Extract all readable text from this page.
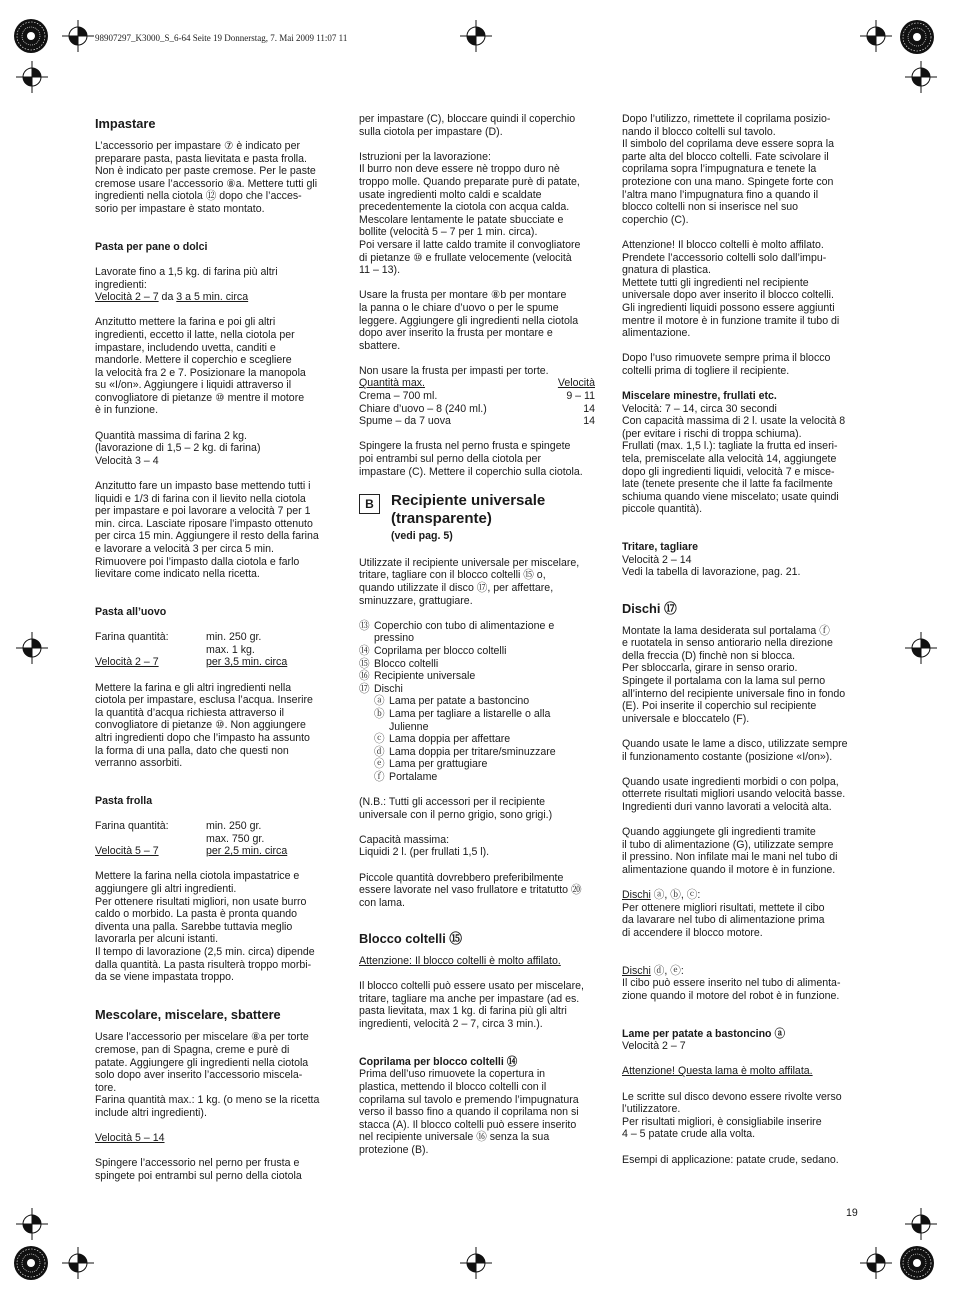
98907297_K3000_S_6-64 Seite 19 Donnerstag, 7. Mai 2009 11:07 11
Impastare

L’accessorio per impastare ⑦ è indicato per
preparare pasta, pasta lievitata e pasta frolla.
Non è indicato per paste cremose. Per le paste
cremose usare l’accessorio ⑧a. Mettere tutti gli
ingredienti nella ciotola ⑫ dopo che l’acces-
sorio per impastare è stato montato.

Pasta per pane o dolci

Lavorate fino a 1,5 kg. di farina più altri
ingredienti:

Velocità 2 – 7 da 3 a 5 min. circa

Anzitutto mettere la farina e poi gli altri
ingredienti, eccetto il latte, nella ciotola per
impastare, includendo uvetta, canditi e
mandorle. Mettere il coperchio e scegliere
la velocità fra 2 e 7. Posizionare la manopola
su «I/on». Aggiungere i liquidi attraverso il
convogliatore di pietanze ⑩ mentre il motore
è in funzione.

Quantità massima di farina 2 kg.
(lavorazione di 1,5 – 2 kg. di farina)
Velocità 3 – 4

Anzitutto fare un impasto base mettendo tutti i
liquidi e 1/3 di farina con il lievito nella ciotola
per impastare e poi lavorare a velocità 7 per 1
min. circa. Lasciate riposare l’impasto ottenuto
per circa 15 min. Aggiungere il resto della farina
e lavorare a velocità 3 per circa 5 min.
Rimuovere poi l’impasto dalla ciotola e farlo
lievitare come indicato nella ricetta.

Pasta all’uovo
Farina quantità:	min. 250 gr.
max. 1 kg.
Velocità 2 – 7	per 3,5 min. circa

Mettere la farina e gli altri ingredienti nella
ciotola per impastare, esclusa l’acqua. Inserire
la quantità d’acqua richiesta attraverso il
convogliatore di pietanze ⑩. Non aggiungere
altri ingredienti dopo che l’impasto ha assunto
la forma di una palla, dato che questi non
verranno assorbiti.

Pasta frolla
Farina quantità:	min. 250 gr.
max. 750 gr.
Velocità 5 – 7	per 2,5 min. circa

Mettere la farina nella ciotola impastatrice e
aggiungere gli altri ingredienti.
Per ottenere risultati migliori, non usate burro
caldo o morbido. La pasta è pronta quando
diventa una palla. Sarebbe tuttavia meglio
lavorarla per alcuni istanti.
Il tempo di lavorazione (2,5 min. circa) dipende
dalla quantità. La pasta risulterà troppo morbi-
da se viene impastata troppo.

Mescolare, miscelare, sbattere

Usare l’accessorio per miscelare ⑧a per torte
cremose, pan di Spagna, creme e purè di
patate. Aggiungere gli ingredienti nella ciotola
solo dopo aver inserito l’accessorio miscela-
tore.
Farina quantità max.: 1 kg. (o meno se la ricetta
include altri ingredienti).

Velocità 5 – 14

Spingere l’accessorio nel perno per frusta e
spingete poi entrambi sul perno della ciotola

per impastare (C), bloccare quindi il coperchio
sulla ciotola per impastare (D).

Istruzioni per la lavorazione:
Il burro non deve essere nè troppo duro nè
troppo molle. Quando preparate purè di patate,
usate ingredienti molto caldi e scaldate
precedentemente la ciotola con acqua calda.
Mescolare lentamente le patate sbucciate e
bollite (velocità 5 – 7 per 1 min. circa).
Poi versare il latte caldo tramite il convogliatore
di pietanze ⑩ e frullate velocemente (velocità
11 – 13).

Usare la frusta per montare ⑧b per montare
la panna o le chiare d’uovo o per le spume
leggere. Aggiungere gli ingredienti nella ciotola
dopo aver inserito la frusta per montare e
sbattere.

Non usare la frusta per impasti per torte.

Quantità max.	Velocità
Crema – 700 ml.	9 – 11
Chiare d’uovo – 8 (240 ml.)	14
Spume – da 7 uova	14

Spingere la frusta nel perno frusta e spingete
poi entrambi sul perno della ciotola per
impastare (C). Mettere il coperchio sulla ciotola.

B	Recipiente universale
(transparente)
(vedi pag. 5)

Utilizzate il recipiente universale per miscelare,
tritare, tagliare con il blocco coltelli ⑮ o,
quando utilizzate il disco ⑰, per affettare,
sminuzzare, grattugiare.

⑬ Coperchio con tubo di alimentazione e
pressino
⑭ Coprilama per blocco coltelli
⑮ Blocco coltelli
⑯ Recipiente universale
⑰ Dischi
ⓐ Lama per patate a bastoncino
ⓑ Lama per tagliare a listarelle o alla
Julienne
ⓒ Lama doppia per affettare
ⓓ Lama doppia per tritare/sminuzzare
ⓔ Lama per grattugiare
ⓕ Portalame

(N.B.: Tutti gli accessori per il recipiente
universale con il perno grigio, sono grigi.)

Capacità massima:
Liquidi 2 l. (per frullati 1,5 l).

Piccole quantità dovrebbero preferibilmente
essere lavorate nel vaso frullatore e tritatutto ⑳
con lama.

Blocco coltelli ⑮

Attenzione: Il blocco coltelli è molto affilato.

Il blocco coltelli può essere usato per miscelare,
tritare, tagliare ma anche per impastare (ad es.
pasta lievitata, max 1 kg. di farina più gli altri
ingredienti, velocità 2 – 7, circa 3 min.).

Coprilama per blocco coltelli ⑭

Prima dell’uso rimuovete la copertura in
plastica, mettendo il blocco coltelli con il
coprilama sul tavolo e premendo l’impugnatura
verso il basso fino a quando il coprilama non si
stacca (A). Il blocco coltelli può essere inserito
nel recipiente universale ⑯ senza la sua
protezione (B).

Dopo l’utilizzo, rimettete il coprilama posizio-
nando il blocco coltelli sul tavolo.
Il simbolo del coprilama deve essere sopra la
parte alta del blocco coltelli. Fate scivolare il
coprilama sopra l’impugnatura e tenete la
protezione con una mano. Spingete forte con
l’altra mano l’impugnatura fino a quando il
blocco coltelli non si inserisce nel suo
coperchio (C).

Attenzione! Il blocco coltelli è molto affilato.
Prendete l’accessorio coltelli solo dall’impu-
gnatura di plastica.
Mettete tutti gli ingredienti nel recipiente
universale dopo aver inserito il blocco coltelli.
Gli ingredienti liquidi possono essere aggiunti
mentre il motore è in funzione tramite il tubo di
alimentazione.

Dopo l’uso rimuovete sempre prima il blocco
coltelli prima di togliere il recipiente.

Miscelare minestre, frullati etc.

Velocità: 7 – 14, circa 30 secondi
Con capacità massima di 2 l. usate la velocità 8
(per evitare i rischi di troppa schiuma).
Frullati (max. 1,5 l.): tagliate la frutta ed inseri-
tela, premiscelate alla velocità 14, aggiungete
dopo gli ingredienti liquidi, velocità 7 e misce-
late (tenete presente che il latte fa facilmente
schiuma quando viene miscelato; usate quindi
piccole quantità).

Tritare, tagliare

Velocità 2 – 14
Vedi la tabella di lavorazione, pag. 21.

Dischi ⑰

Montate la lama desiderata sul portalama ⓕ
e ruotatela in senso antiorario nella direzione
della freccia (D) finchè non si blocca.
Per sbloccarla, girare in senso orario.
Spingete il portalama con la lama sul perno
all’interno del recipiente universale fino in fondo
(E). Poi inserite il coperchio sul recipiente
universale e bloccatelo (F).

Quando usate le lame a disco, utilizzate sempre
il funzionamento costante (posizione «I/on»).

Quando usate ingredienti morbidi o con polpa,
otterrete risultati migliori usando velocità basse.
Ingredienti duri vanno lavorati a velocità alta.

Quando aggiungete gli ingredienti tramite
il tubo di alimentazione (G), utilizzate sempre
il pressino. Non infilate mai le mani nel tubo di
alimentazione quando il motore è in funzione.

Dischi ⓐ, ⓑ, ⓒ:

Per ottenere migliori risultati, mettete il cibo
da lavarare nel tubo di alimentazione prima
di accendere il blocco motore.

Dischi ⓓ, ⓔ:

Il cibo può essere inserito nel tubo di alimenta-
zione quando il motore del robot è in funzione.

Lame per patate a bastoncino ⓐ

Velocità 2 – 7

Attenzione! Questa lama è molto affilata.

Le scritte sul disco devono essere rivolte verso
l’utilizzatore.
Per risultati migliori, è consigliabile inserire
4 – 5 patate crude alla volta.

Esempi di applicazione: patate crude, sedano.

19
